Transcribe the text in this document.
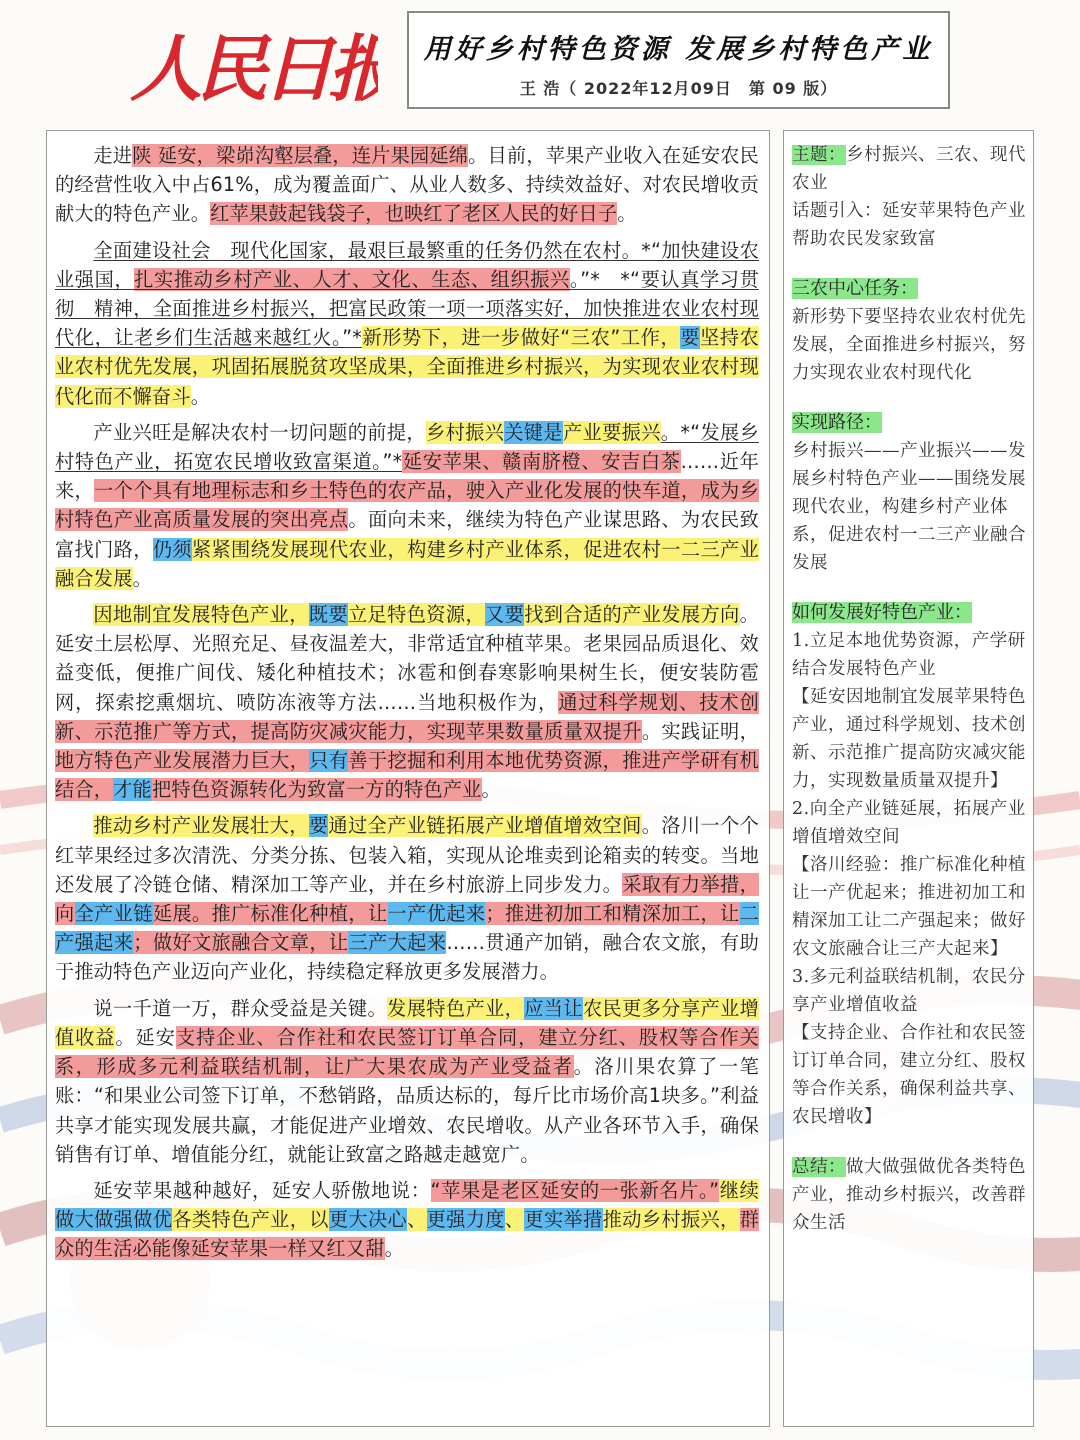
人民日报	用好乡村特色资源 发展乡村特色产业
王 浩（ 2022年12月09日　第 09 版）

走进陕 延安，梁峁沟壑层叠，连片果园延绵。目前，苹果产业收入在延安农民的经营性收入中占61%，成为覆盖面广、从业人数多、持续效益好、对农民增收贡献大的特色产业。红苹果鼓起钱袋子，也映红了老区人民的好日子。

全面建设社会　现代化国家，最艰巨最繁重的任务仍然在农村。*“加快建设农业强国，扎实推动乡村产业、人才、文化、生态、组织振兴。”*　*“要认真学习贯彻　精神，全面推进乡村振兴，把富民政策一项一项落实好，加快推进农业农村现代化，让老乡们生活越来越红火。”*新形势下，进一步做好“三农”工作，要坚持农业农村优先发展，巩固拓展脱贫攻坚成果，全面推进乡村振兴，为实现农业农村现代化而不懈奋斗。

产业兴旺是解决农村一切问题的前提，乡村振兴关键是产业要振兴。*“发展乡村特色产业，拓宽农民增收致富渠道。”*延安苹果、赣南脐橙、安吉白茶……近年来，一个个具有地理标志和乡土特色的农产品，驶入产业化发展的快车道，成为乡村特色产业高质量发展的突出亮点。面向未来，继续为特色产业谋思路、为农民致富找门路，仍须紧紧围绕发展现代农业，构建乡村产业体系，促进农村一二三产业融合发展。

因地制宜发展特色产业，既要立足特色资源，又要找到合适的产业发展方向。延安土层松厚、光照充足、昼夜温差大，非常适宜种植苹果。老果园品质退化、效益变低，便推广间伐、矮化种植技术；冰雹和倒春寒影响果树生长，便安装防雹网，探索挖熏烟坑、喷防冻液等方法……当地积极作为，通过科学规划、技术创新、示范推广等方式，提高防灾减灾能力，实现苹果数量质量双提升。实践证明，地方特色产业发展潜力巨大，只有善于挖掘和利用本地优势资源，推进产学研有机结合，才能把特色资源转化为致富一方的特色产业。

推动乡村产业发展壮大，要通过全产业链拓展产业增值增效空间。洛川一个个红苹果经过多次清洗、分类分拣、包装入箱，实现从论堆卖到论箱卖的转变。当地还发展了冷链仓储、精深加工等产业，并在乡村旅游上同步发力。采取有力举措，向全产业链延展。推广标准化种植，让一产优起来；推进初加工和精深加工，让二产强起来；做好文旅融合文章，让三产大起来……贯通产加销，融合农文旅，有助于推动特色产业迈向产业化，持续稳定释放更多发展潜力。

说一千道一万，群众受益是关键。发展特色产业，应当让农民更多分享产业增值收益。延安支持企业、合作社和农民签订订单合同，建立分红、股权等合作关系，形成多元利益联结机制，让广大果农成为产业受益者。洛川果农算了一笔账：“和果业公司签下订单，不愁销路，品质达标的，每斤比市场价高1块多。”利益共享才能实现发展共赢，才能促进产业增效、农民增收。从产业各环节入手，确保销售有订单、增值能分红，就能让致富之路越走越宽广。

延安苹果越种越好，延安人骄傲地说：“苹果是老区延安的一张新名片。”继续做大做强做优各类特色产业，以更大决心、更强力度、更实举措推动乡村振兴，群众的生活必能像延安苹果一样又红又甜。

主题：乡村振兴、三农、现代农业
话题引入：延安苹果特色产业帮助农民发家致富
三农中心任务：
新形势下要坚持农业农村优先发展，全面推进乡村振兴，努力实现农业农村现代化
实现路径：
乡村振兴——产业振兴——发展乡村特色产业——围绕发展现代农业，构建乡村产业体系，促进农村一二三产业融合发展
如何发展好特色产业：
1.立足本地优势资源，产学研结合发展特色产业
【延安因地制宜发展苹果特色产业，通过科学规划、技术创新、示范推广提高防灾减灾能力，实现数量质量双提升】
2.向全产业链延展，拓展产业增值增效空间
【洛川经验：推广标准化种植让一产优起来；推进初加工和精深加工让二产强起来；做好农文旅融合让三产大起来】
3.多元利益联结机制，农民分享产业增值收益
【支持企业、合作社和农民签订订单合同，建立分红、股权等合作关系，确保利益共享、农民增收】
总结：做大做强做优各类特色产业，推动乡村振兴，改善群众生活
